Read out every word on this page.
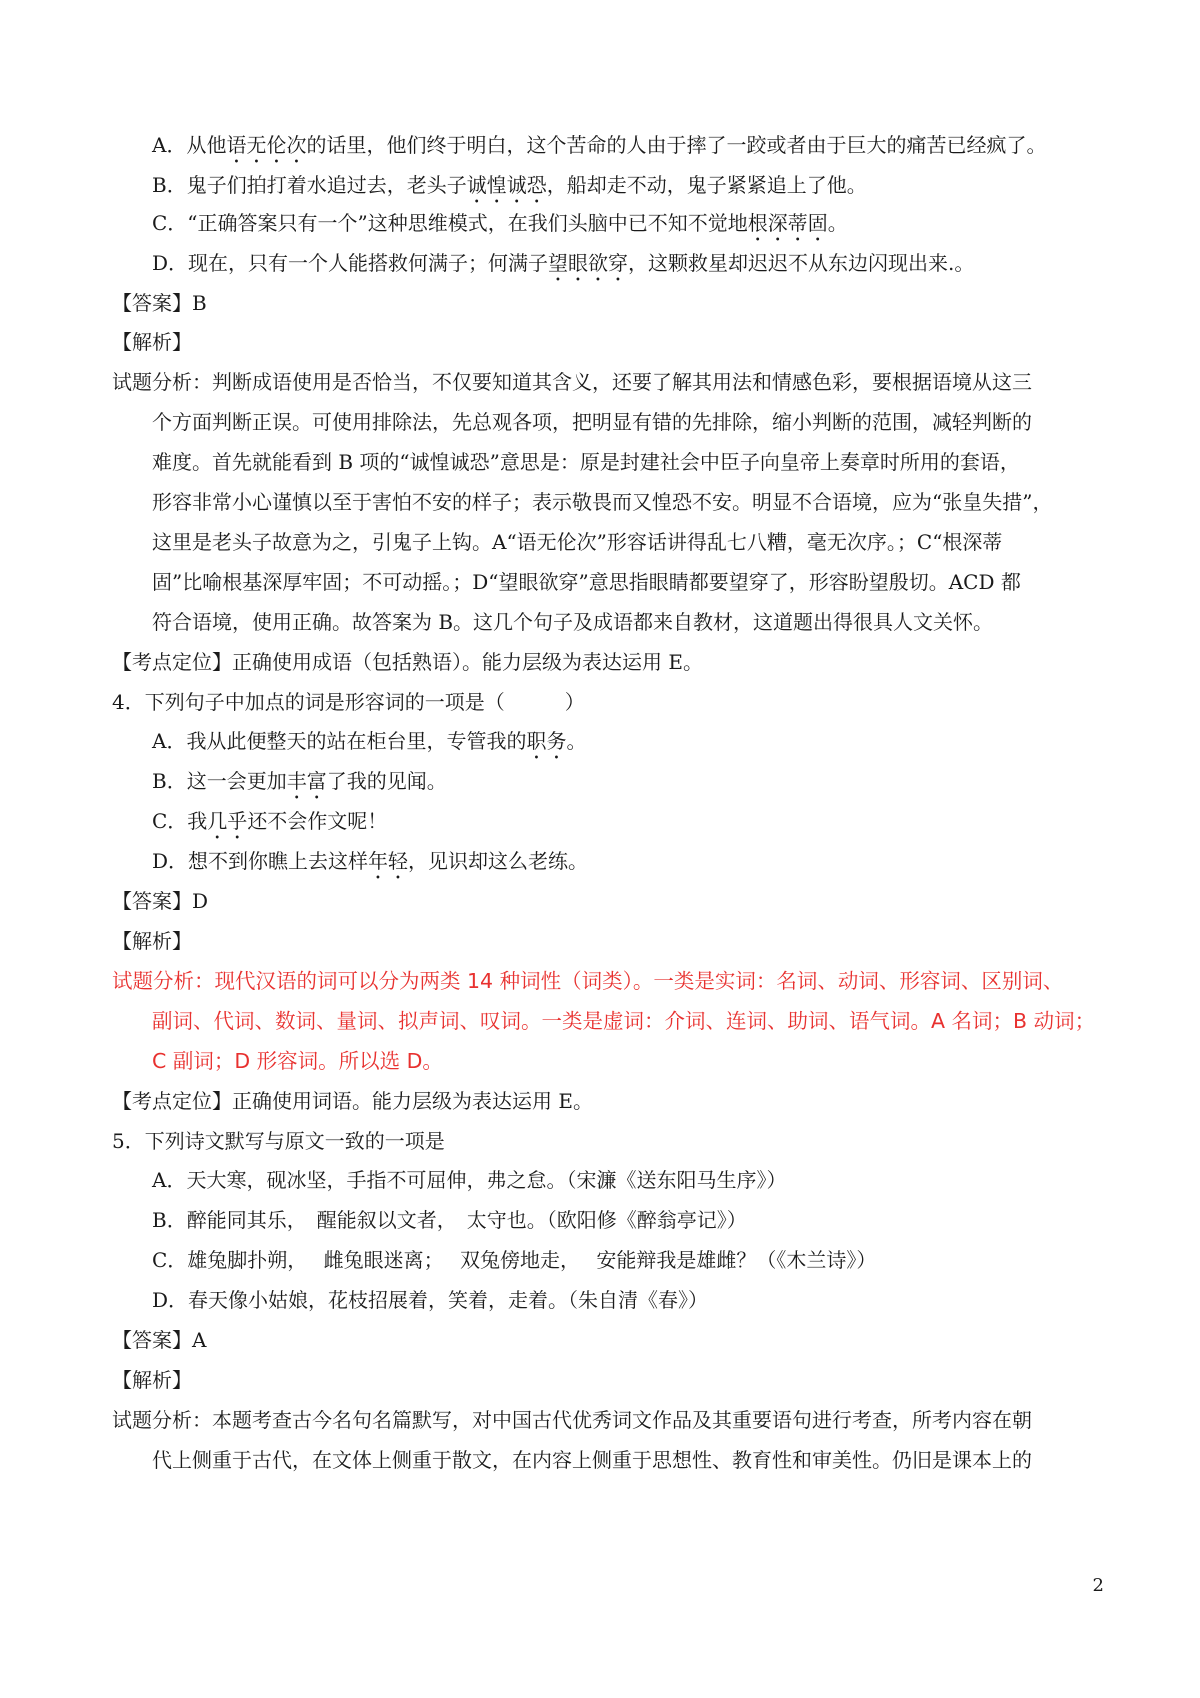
A．从他语无伦次的话里，他们终于明白，这个苦命的人由于摔了一跤或者由于巨大的痛苦已经疯了。
B．鬼子们拍打着水追过去，老头子诚惶诚恐，船却走不动，鬼子紧紧追上了他。
C．“正确答案只有一个”这种思维模式，在我们头脑中已不知不觉地根深蒂固。
D．现在，只有一个人能搭救何满子；何满子望眼欲穿，这颗救星却迟迟不从东边闪现出来.。
【答案】B
【解析】
试题分析：判断成语使用是否恰当，不仅要知道其含义，还要了解其用法和情感色彩，要根据语境从这三
个方面判断正误。可使用排除法，先总观各项，把明显有错的先排除，缩小判断的范围，减轻判断的
难度。首先就能看到 B 项的“诚惶诚恐”意思是：原是封建社会中臣子向皇帝上奏章时所用的套语，
形容非常小心谨慎以至于害怕不安的样子；表示敬畏而又惶恐不安。明显不合语境，应为“张皇失措”，
这里是老头子故意为之，引鬼子上钩。A“语无伦次”形容话讲得乱七八糟，毫无次序。；C“根深蒂
固”比喻根基深厚牢固；不可动摇。；D“望眼欲穿”意思指眼睛都要望穿了，形容盼望殷切。ACD 都
符合语境，使用正确。故答案为 B。这几个句子及成语都来自教材，这道题出得很具人文关怀。
【考点定位】正确使用成语（包括熟语）。能力层级为表达运用 E。
4．下列句子中加点的词是形容词的一项是（　　　）
A．我从此便整天的站在柜台里，专管我的职务。
B．这一会更加丰富了我的见闻。
C．我几乎还不会作文呢！
D．想不到你瞧上去这样年轻，见识却这么老练。
【答案】D
【解析】
试题分析：现代汉语的词可以分为两类 14 种词性（词类）。一类是实词：名词、动词、形容词、区别词、
副词、代词、数词、量词、拟声词、叹词。一类是虚词：介词、连词、助词、语气词。A 名词；B 动词；
C 副词；D 形容词。所以选 D。
【考点定位】正确使用词语。能力层级为表达运用 E。
5．下列诗文默写与原文一致的一项是
A．天大寒，砚冰坚，手指不可屈伸，弗之怠。（宋濂《送东阳马生序》）
B．醉能同其乐，　醒能叙以文者，　太守也。（欧阳修《醉翁亭记》）
C．雄兔脚扑朔，　 雌兔眼迷离；　 双兔傍地走，　 安能辩我是雄雌？（《木兰诗》）
D．春天像小姑娘，花枝招展着，笑着，走着。（朱自清《春》）
【答案】A
【解析】
试题分析：本题考查古今名句名篇默写，对中国古代优秀词文作品及其重要语句进行考查，所考内容在朝
代上侧重于古代，在文体上侧重于散文，在内容上侧重于思想性、教育性和审美性。仍旧是课本上的
2
